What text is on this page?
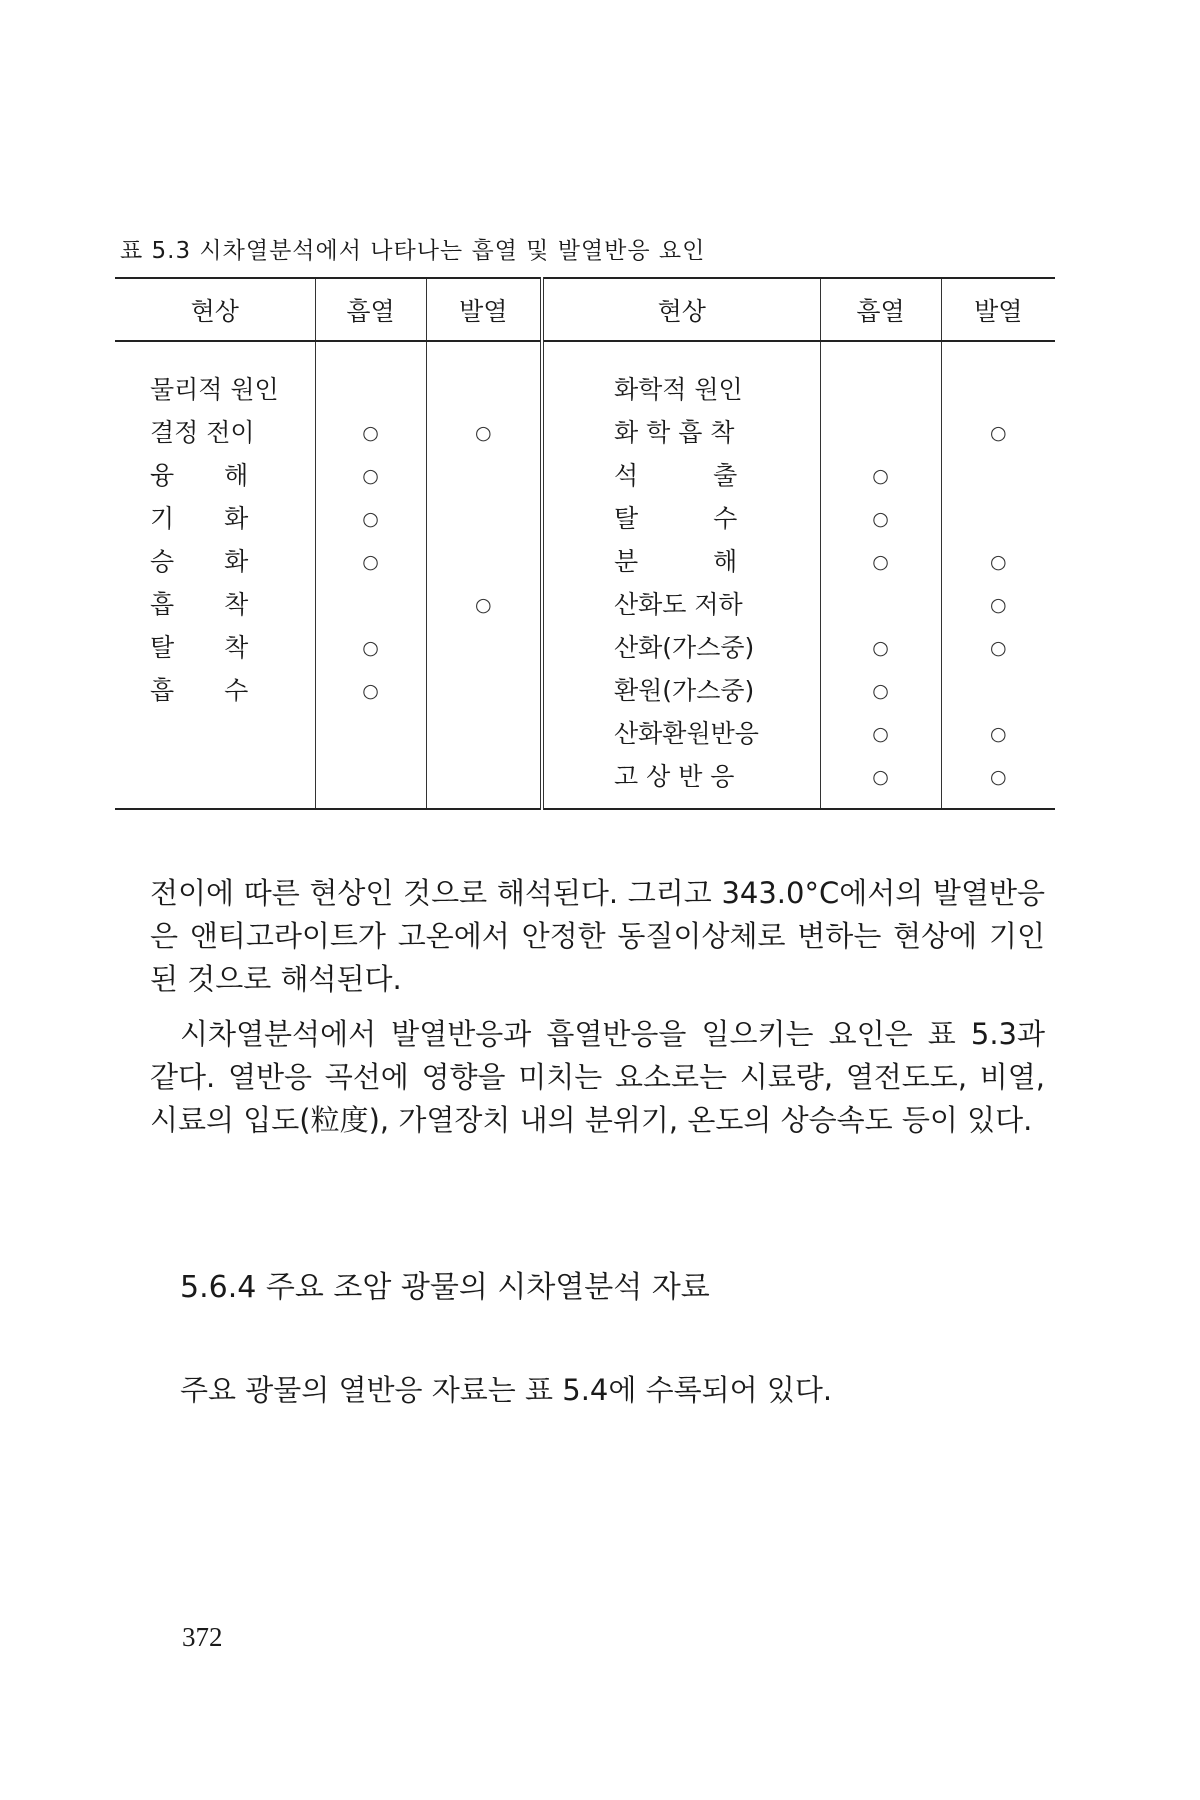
표 5.3 시차열분석에서 나타나는 흡열 및 발열반응 요인
현상	흡열	발열	현상	흡열	발열
물리적 원인			화학적 원인		
결정 전이	○	○	화 학 흡 착		○
융　　해	○		석　　　출	○	
기　　화	○		탈　　　수	○	
승　　화	○		분　　　해	○	○
흡　　착		○	산화도 저하		○
탈　　착	○		산화(가스중)	○	○
흡　　수	○		환원(가스중)	○	
			산화환원반응	○	○
			고 상 반 응	○	○
전이에 따른 현상인 것으로 해석된다. 그리고 343.0°C에서의 발열반응은 앤티고라이트가 고온에서 안정한 동질이상체로 변하는 현상에 기인된 것으로 해석된다.
시차열분석에서 발열반응과 흡열반응을 일으키는 요인은 표 5.3과 같다. 열반응 곡선에 영향을 미치는 요소로는 시료량, 열전도도, 비열, 시료의 입도(粒度), 가열장치 내의 분위기, 온도의 상승속도 등이 있다.
5.6.4 주요 조암 광물의 시차열분석 자료
주요 광물의 열반응 자료는 표 5.4에 수록되어 있다.
372
